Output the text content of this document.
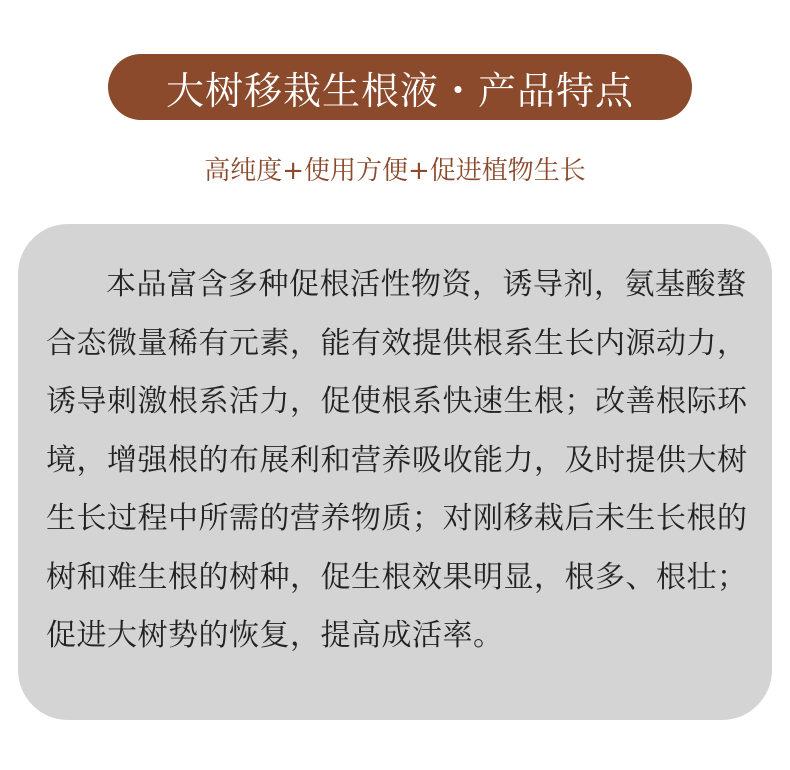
大树移栽生根液・产品特点
高纯度+使用方便+促进植物生长
本品富含多种促根活性物资，诱导剂，氨基酸螯合态微量稀有元素，能有效提供根系生长内源动力，诱导刺激根系活力，促使根系快速生根；改善根际环境，增强根的布展利和营养吸收能力，及时提供大树生长过程中所需的营养物质；对刚移栽后未生长根的树和难生根的树种，促生根效果明显，根多、根壮；促进大树势的恢复，提高成活率。
